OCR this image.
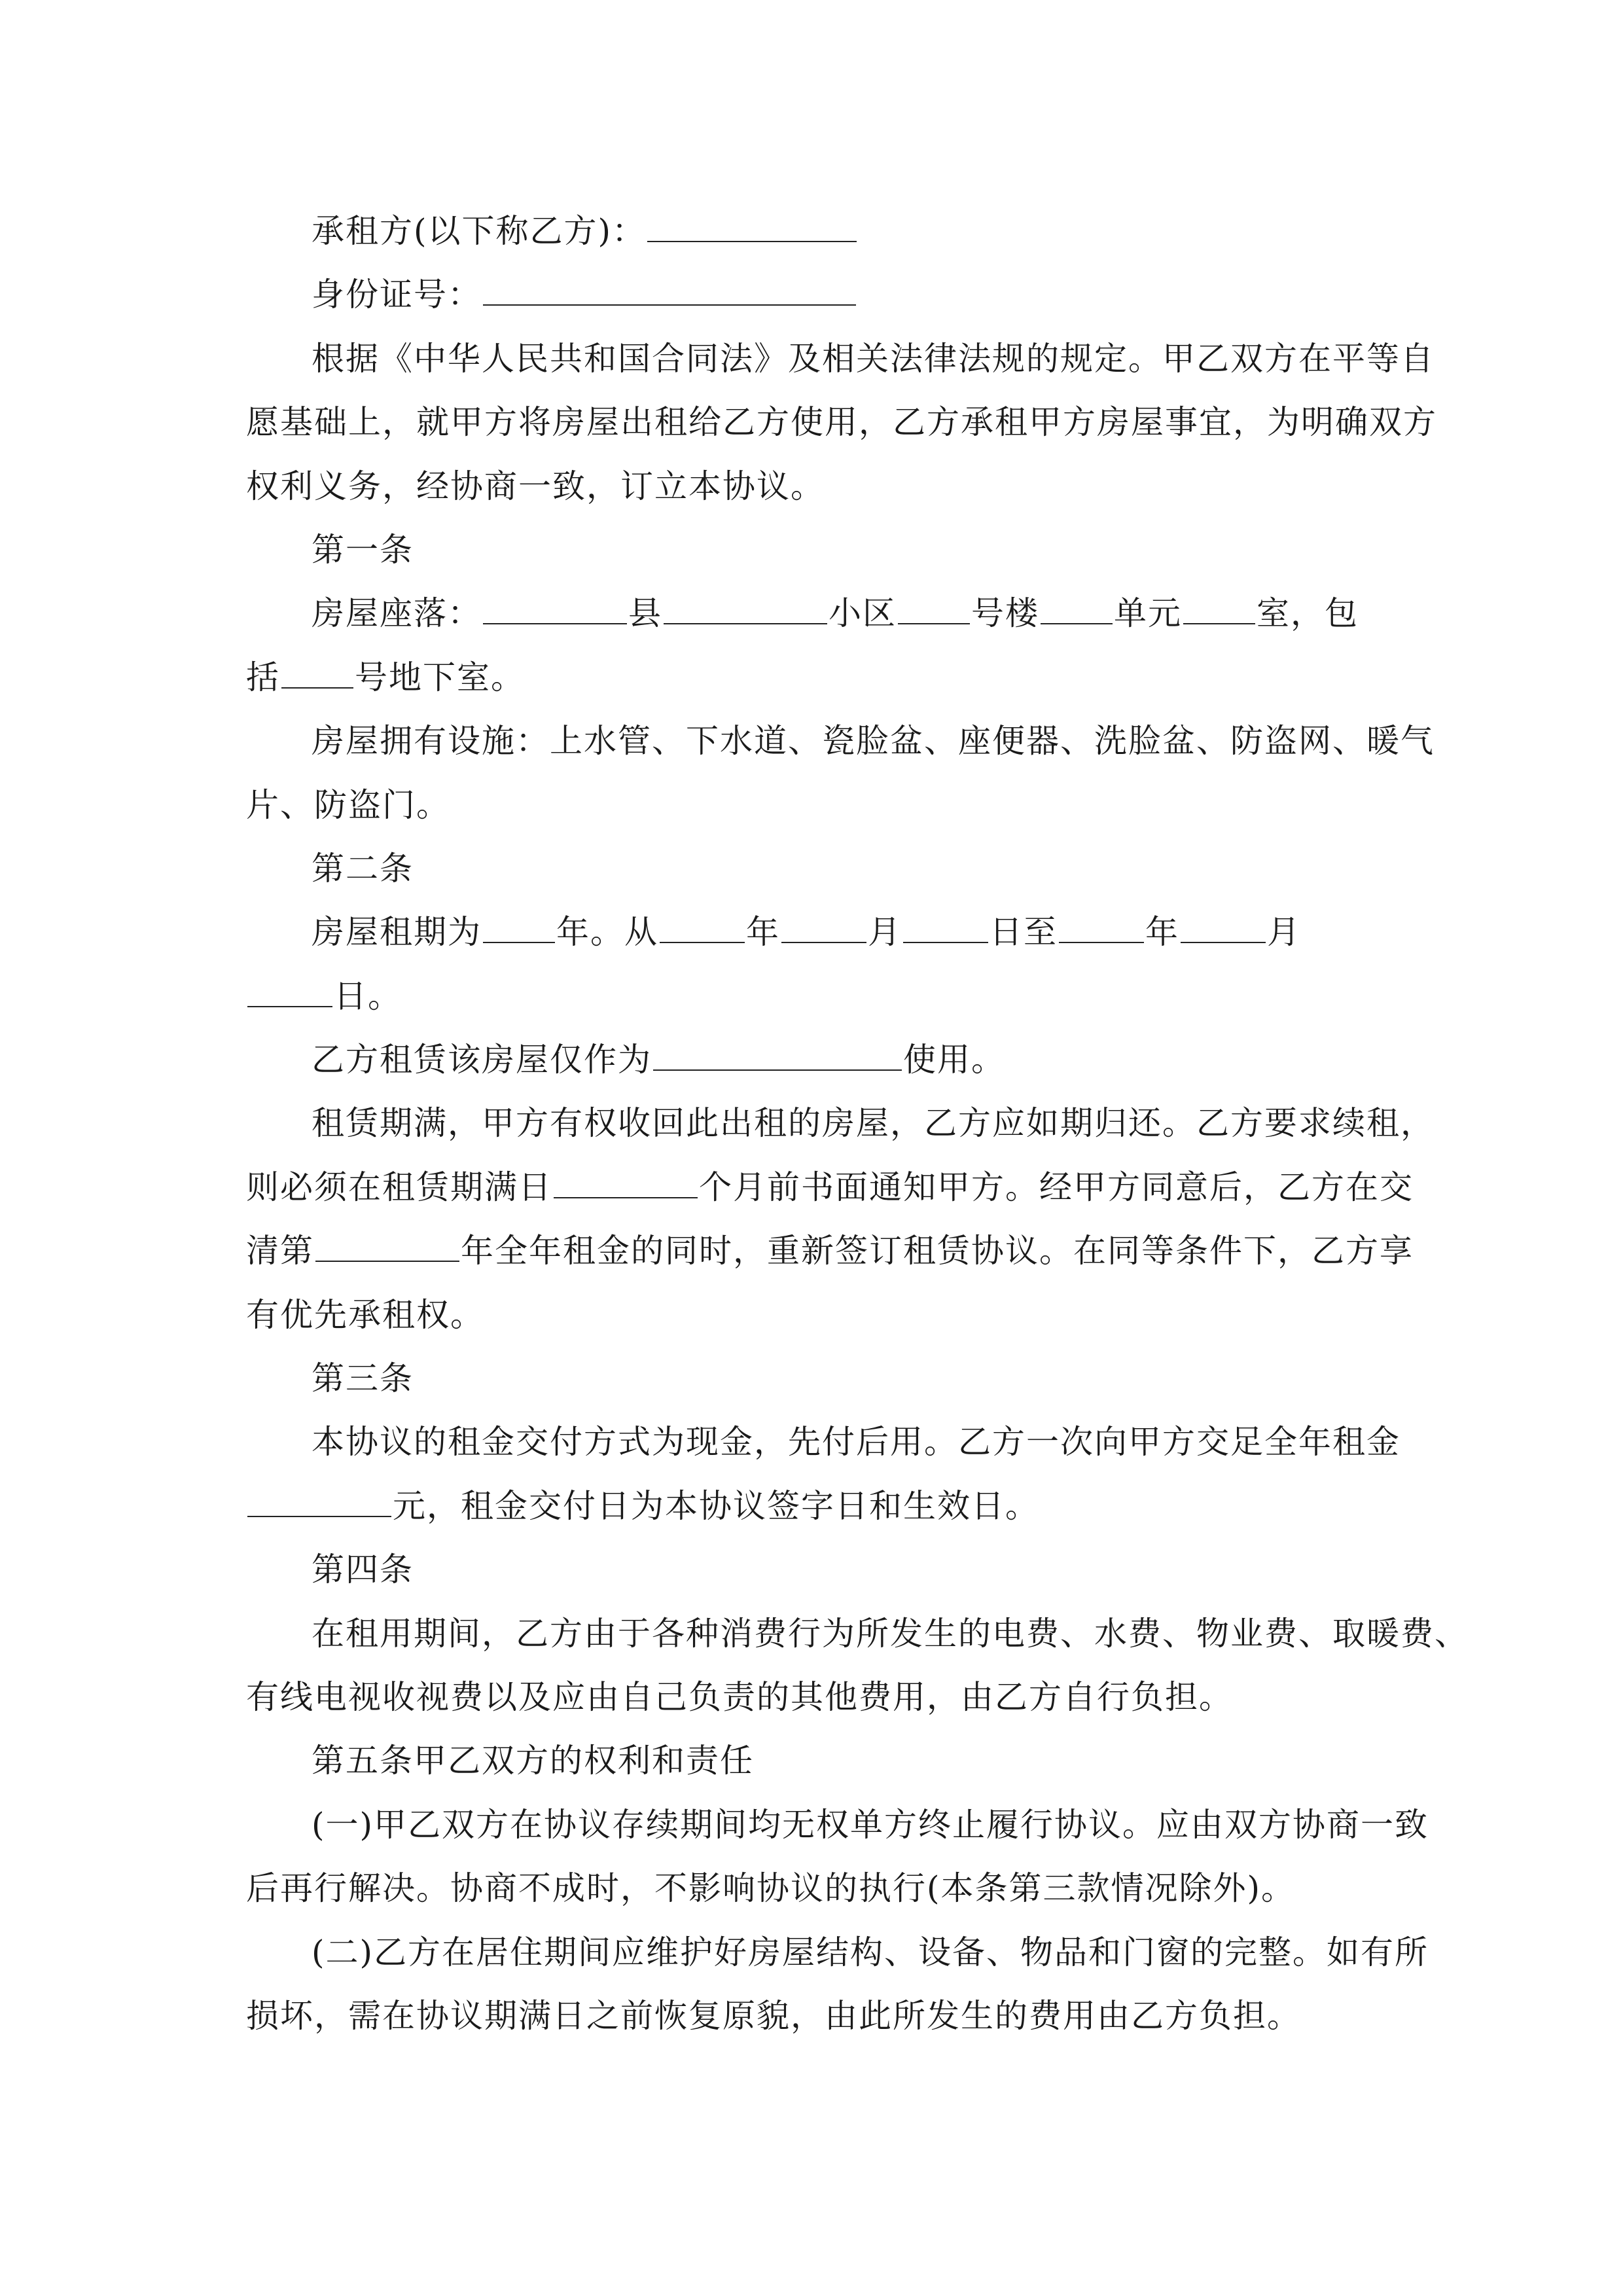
承租方(以下称乙方)：
身份证号：
根据《中华人民共和国合同法》及相关法律法规的规定。甲乙双方在平等自
愿基础上，就甲方将房屋出租给乙方使用，乙方承租甲方房屋事宜，为明确双方
权利义务，经协商一致，订立本协议。
第一条
房屋座落：	县	小区 号楼 单元 室，包
括 号地下室。
房屋拥有设施：上水管、下水道、瓷脸盆、座便器、洗脸盆、防盗网、暖气
片、防盗门。
第二条
房屋租期为 年。从	年	月	日至	年	月
日。
乙方租赁该房屋仅作为	使用。
租赁期满，甲方有权收回此出租的房屋，乙方应如期归还。乙方要求续租，
则必须在租赁期满日	个月前书面通知甲方。经甲方同意后，乙方在交
清第	年全年租金的同时，重新签订租赁协议。在同等条件下，乙方享
有优先承租权。
第三条
本协议的租金交付方式为现金，先付后用。乙方一次向甲方交足全年租金
元，租金交付日为本协议签字日和生效日。
第四条
在租用期间，乙方由于各种消费行为所发生的电费、水费、物业费、取暖费、
有线电视收视费以及应由自己负责的其他费用，由乙方自行负担。
第五条甲乙双方的权利和责任
(一)甲乙双方在协议存续期间均无权单方终止履行协议。应由双方协商一致
后再行解决。协商不成时，不影响协议的执行(本条第三款情况除外)。
(二)乙方在居住期间应维护好房屋结构、设备、物品和门窗的完整。如有所
损坏，需在协议期满日之前恢复原貌，由此所发生的费用由乙方负担。
